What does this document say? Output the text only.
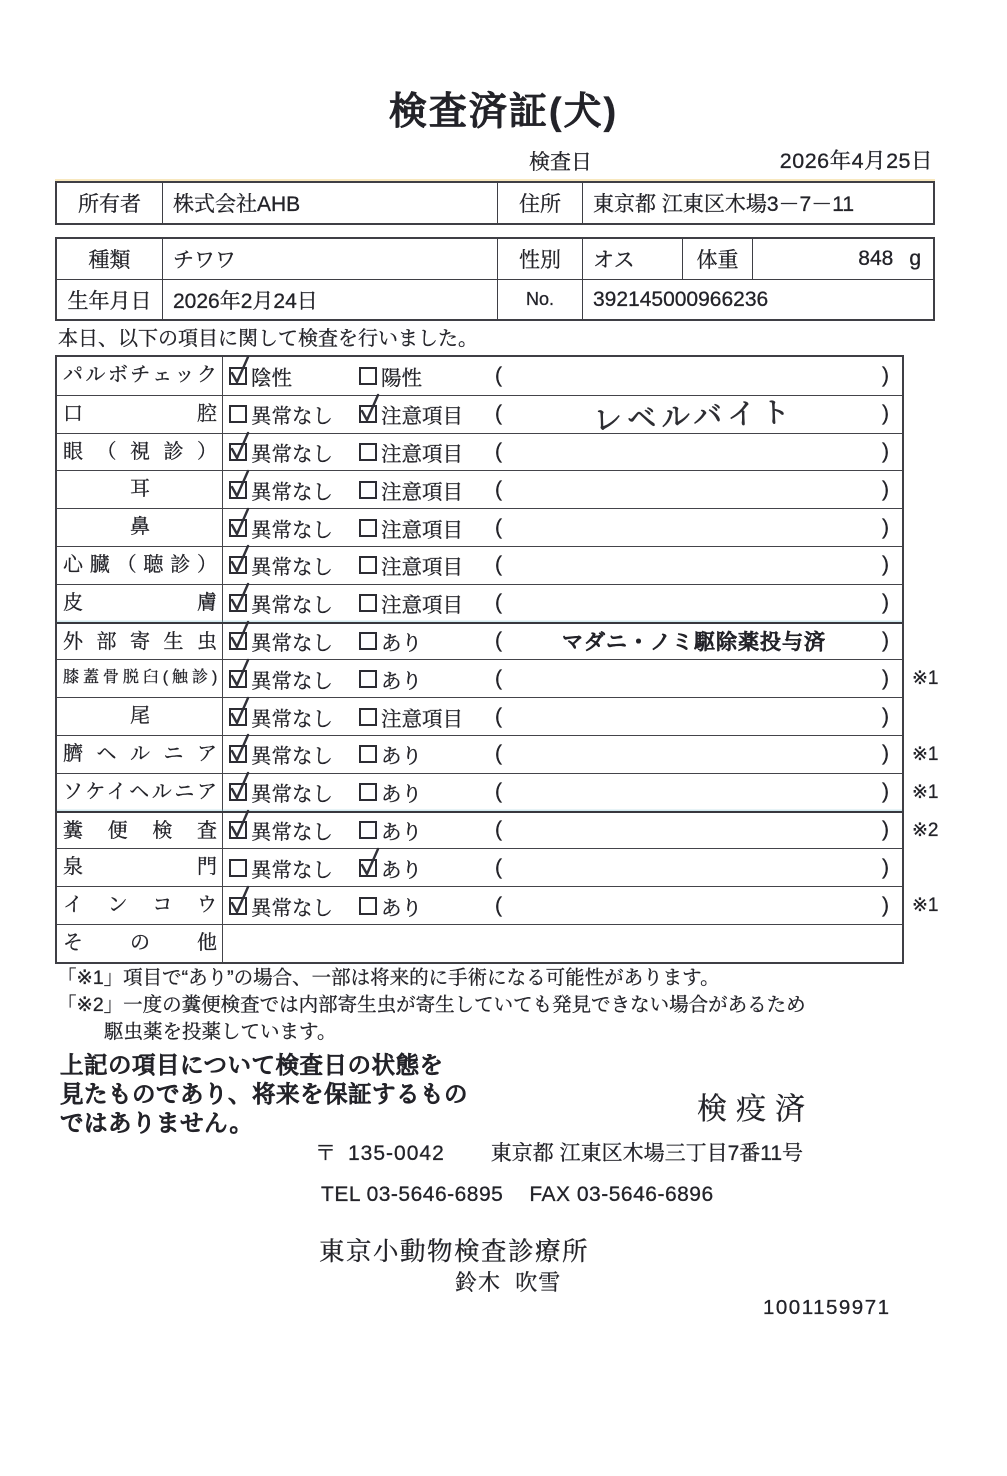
検査済証(犬)
検査日	2026年4月25日
所有者	株式会社AHB	住所	東京都 江東区木場3－7－11
種類	チワワ	性別	オス	体重	848 g
生年月日	2026年2月24日	No.	392145000966236
本日、以下の項目に関して検査を行いました。
パルボチェック 陰性	陽性	(	)
口腔 異常なし 注意項目 (	レベルバイト	)
眼（視診） 異常なし 注意項目 (	)
耳	異常なし 注意項目 (	)
鼻	異常なし 注意項目 (	)
心臓（聴診） 異常なし 注意項目 (	)
皮膚 異常なし 注意項目 (	)
外部寄生虫 異常なし あり	(	マダニ・ノミ駆除薬投与済	)
膝蓋骨脱臼(触診) 異常なし あり	(	) ※1
尾	異常なし 注意項目 (	)
臍ヘルニア 異常なし あり	(	) ※1
ソケイヘルニア 異常なし あり	(	) ※1
糞便検査 異常なし あり	(	) ※2
泉門 異常なし あり	(	)
インコウ 異常なし あり	(	) ※1
その他
「※1」項目で“あり”の場合、一部は将来的に手術になる可能性があります。
「※2」一度の糞便検査では内部寄生虫が寄生していても発見できない場合があるため
駆虫薬を投薬しています。
上記の項目について検査日の状態を
見たものであり、将来を保証するもの
ではありません。	検疫済
〒 135-0042 東京都 江東区木場三丁目7番11号
TEL 03-5646-6895 FAX 03-5646-6896
東京小動物検査診療所
鈴木  吹雪
1001159971
